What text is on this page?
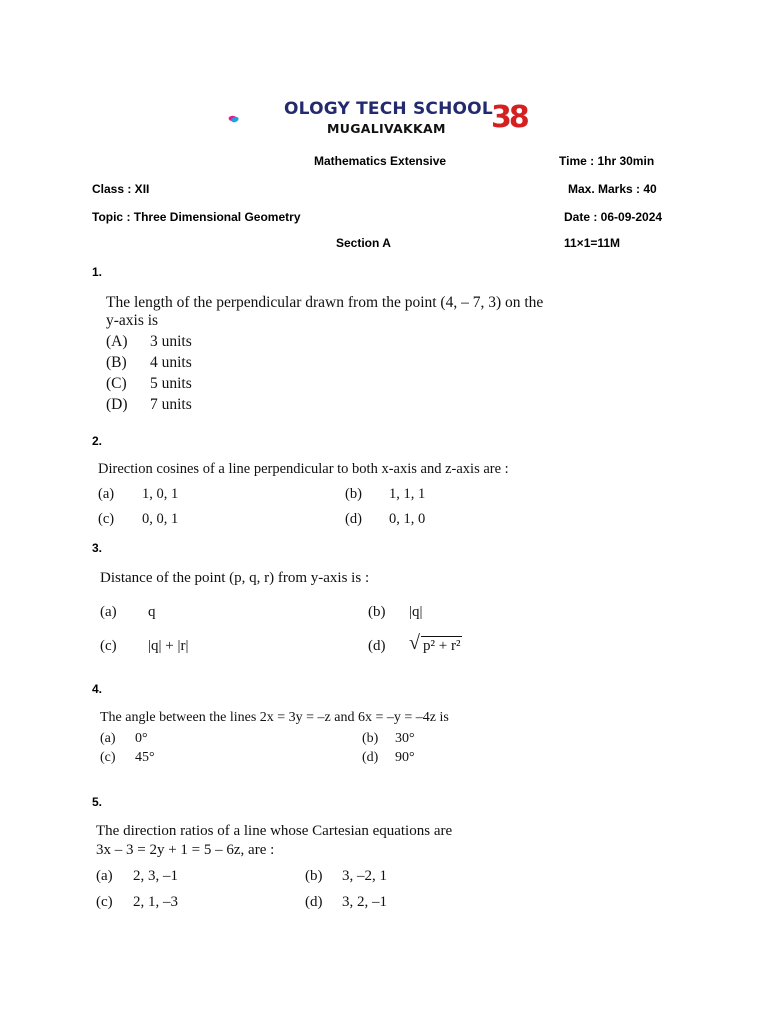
OLOGY TECH SCHOOL
MUGALIVAKKAM 38
Mathematics Extensive	Time : 1hr 30min
Class : XII	Max. Marks : 40
Topic : Three Dimensional Geometry	Date : 06-09-2024
Section A	11×1=11M
1.
The length of the perpendicular drawn from the point (4, – 7, 3) on the
y-axis is
(A) 3 units
(B) 4 units
(C) 5 units
(D) 7 units
2.
Direction cosines of a line perpendicular to both x-axis and z-axis are :
(a) 1, 0, 1	(b) 1, 1, 1
(c) 0, 0, 1	(d) 0, 1, 0
3.
Distance of the point (p, q, r) from y-axis is :
(a) q	(b) |q|
(c) |q| + |r|	(d) √ p² + r²
4.
The angle between the lines 2x = 3y = –z and 6x = –y = –4z is
(a) 0°	(b) 30°
(c) 45°	(d) 90°
5.
The direction ratios of a line whose Cartesian equations are
3x – 3 = 2y + 1 = 5 – 6z, are :
(a) 2, 3, –1	(b) 3, –2, 1
(c) 2, 1, –3	(d) 3, 2, –1
